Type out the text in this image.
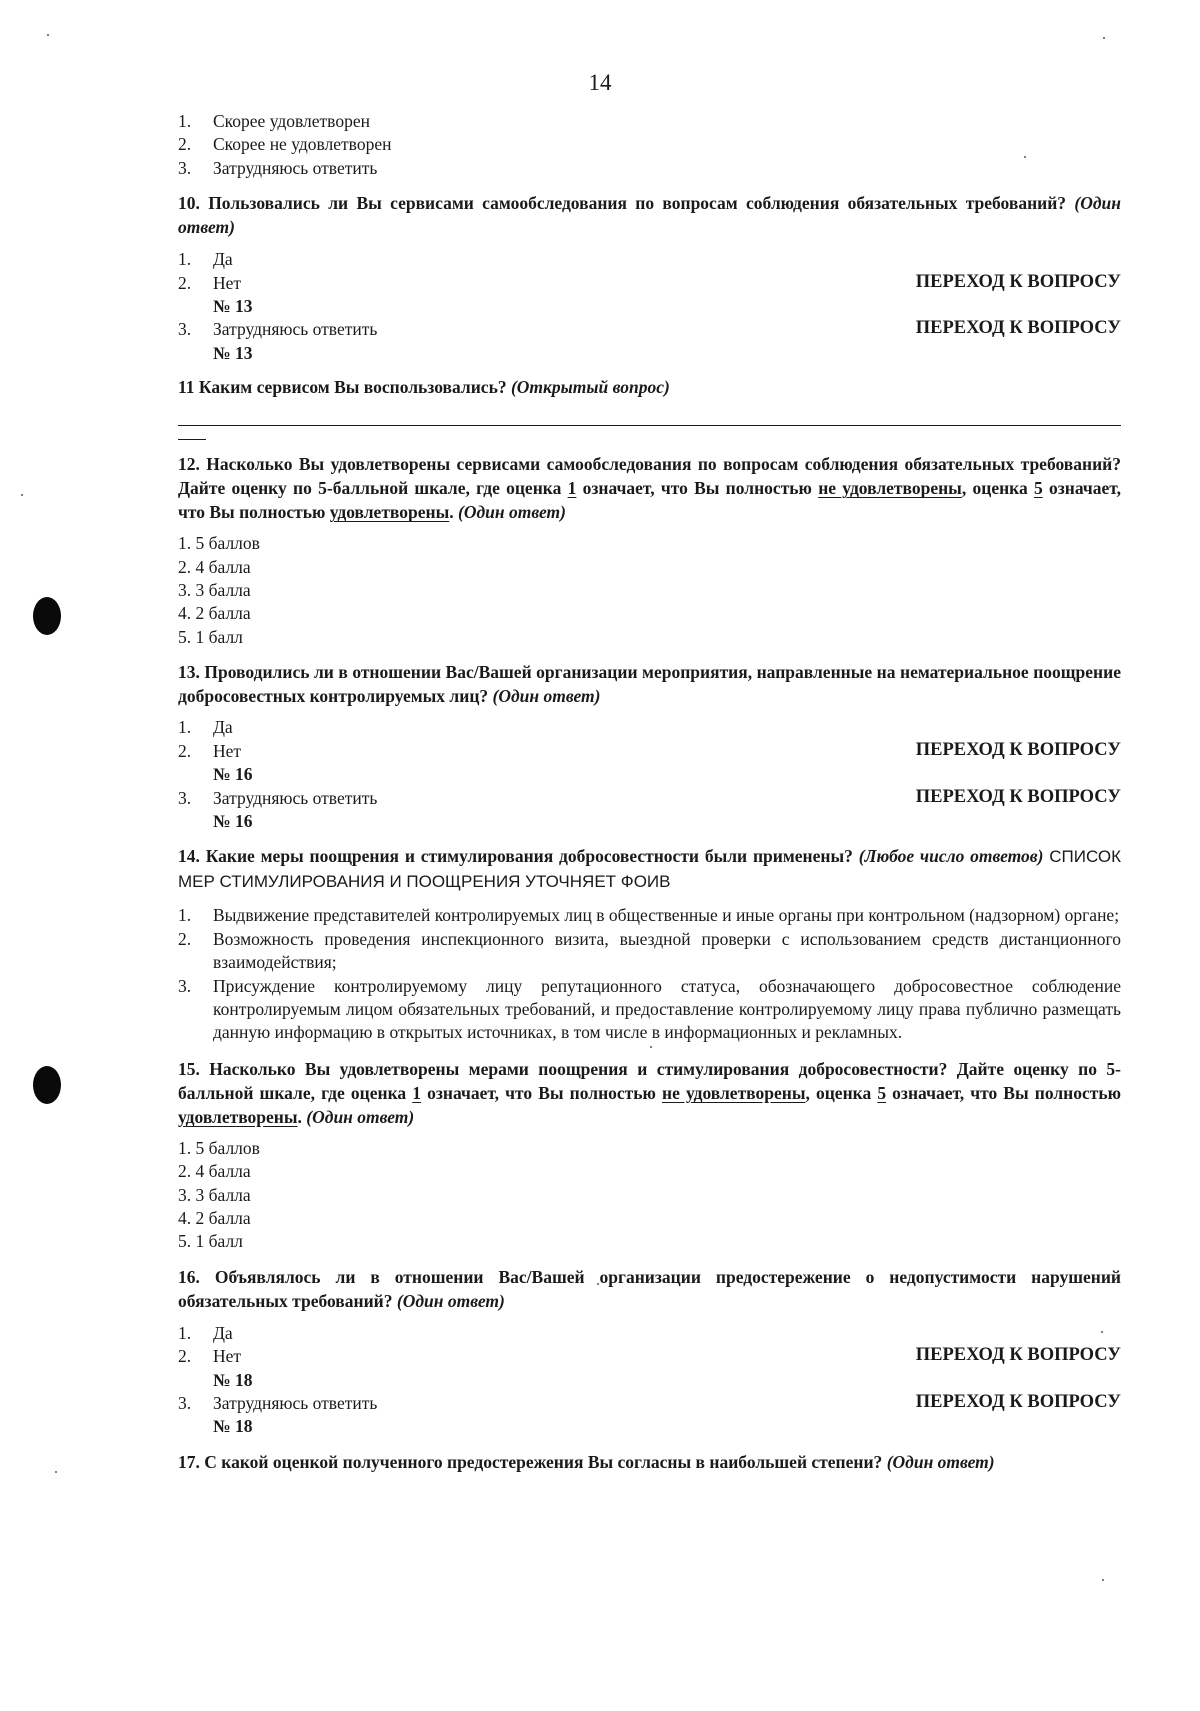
14
1.	Скорее удовлетворен
2.	Скорее не удовлетворен
3.	Затрудняюсь ответить

10. Пользовались ли Вы сервисами самообследования по вопросам соблюдения обязательных требований? (Один ответ)

1.	Да
2.	Нет	ПЕРЕХОД К ВОПРОСУ
№ 13
3.	Затрудняюсь ответить	ПЕРЕХОД К ВОПРОСУ
№ 13

11 Каким сервисом Вы воспользовались? (Открытый вопрос)

12. Насколько Вы удовлетворены сервисами самообследования по вопросам соблюдения обязательных требований? Дайте оценку по 5-балльной шкале, где оценка 1 означает, что Вы полностью не удовлетворены, оценка 5 означает, что Вы полностью удовлетворены. (Один ответ)

1. 5 баллов
2. 4 балла
3. 3 балла
4. 2 балла
5. 1 балл

13. Проводились ли в отношении Вас/Вашей организации мероприятия, направленные на нематериальное поощрение добросовестных контролируемых лиц? (Один ответ)

1.	Да
2.	Нет	ПЕРЕХОД К ВОПРОСУ
№ 16
3.	Затрудняюсь ответить	ПЕРЕХОД К ВОПРОСУ
№ 16

14. Какие меры поощрения и стимулирования добросовестности были применены? (Любое число ответов) СПИСОК МЕР СТИМУЛИРОВАНИЯ И ПООЩРЕНИЯ УТОЧНЯЕТ ФОИВ

1.	Выдвижение представителей контролируемых лиц в общественные и иные органы при контрольном (надзорном) органе;
2.	Возможность проведения инспекционного визита, выездной проверки с использованием средств дистанционного взаимодействия;
3.	Присуждение контролируемому лицу репутационного статуса, обозначающего добросовестное соблюдение контролируемым лицом обязательных требований, и предоставление контролируемому лицу права публично размещать данную информацию в открытых источниках, в том числе в информационных и рекламных.

15. Насколько Вы удовлетворены мерами поощрения и стимулирования добросовестности? Дайте оценку по 5-балльной шкале, где оценка 1 означает, что Вы полностью не удовлетворены, оценка 5 означает, что Вы полностью удовлетворены. (Один ответ)

1. 5 баллов
2. 4 балла
3. 3 балла
4. 2 балла
5. 1 балл

16. Объявлялось ли в отношении Вас/Вашей организации предостережение о недопустимости нарушений обязательных требований? (Один ответ)

1.	Да
2.	Нет	ПЕРЕХОД К ВОПРОСУ
№ 18
3.	Затрудняюсь ответить	ПЕРЕХОД К ВОПРОСУ
№ 18

17. С какой оценкой полученного предостережения Вы согласны в наибольшей степени? (Один ответ)
